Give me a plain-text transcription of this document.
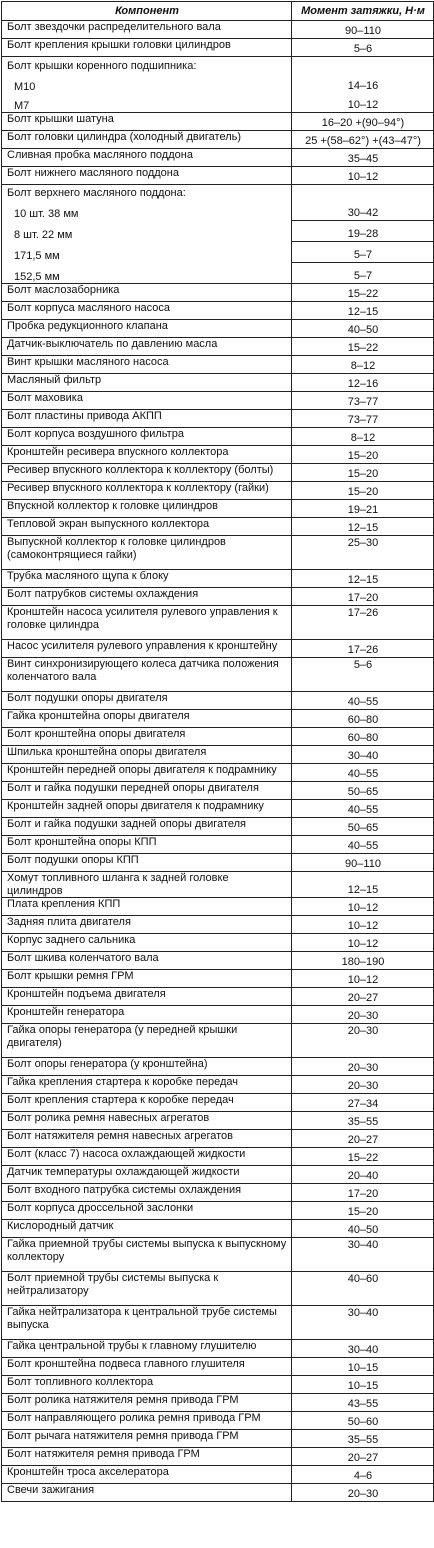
Компонент	Момент затяжки, Н·м
Болт звездочки распределительного вала	90–110
Болт крепления крышки головки цилиндров	5–6
Болт крышки коренного подшипника:	
M10	14–16
M7	10–12
Болт крышки шатуна	16–20 +(90–94°)
Болт головки цилиндра (холодный двигатель)	25 +(58–62°) +(43–47°)
Сливная пробка масляного поддона	35–45
Болт нижнего масляного поддона	10–12
Болт верхнего масляного поддона:	
10 шт. 38 мм	30–42
8 шт. 22 мм	19–28
171,5 мм	5–7
152,5 мм	5–7
Болт маслозаборника	15–22
Болт корпуса масляного насоса	12–15
Пробка редукционного клапана	40–50
Датчик-выключатель по давлению масла	15–22
Винт крышки масляного насоса	8–12
Масляный фильтр	12–16
Болт маховика	73–77
Болт пластины привода АКПП	73–77
Болт корпуса воздушного фильтра	8–12
Кронштейн ресивера впускного коллектора	15–20
Ресивер впускного коллектора к коллектору (болты)	15–20
Ресивер впускного коллектора к коллектору (гайки)	15–20
Впускной коллектор к головке цилиндров	19–21
Тепловой экран выпускного коллектора	12–15
Выпускной коллектор к головке цилиндров (самоконтрящиеся гайки)	25–30
Трубка масляного щупа к блоку	12–15
Болт патрубков системы охлаждения	17–20
Кронштейн насоса усилителя рулевого управления к головке цилиндра	17–26
Насос усилителя рулевого управления к кронштейну	17–26
Винт синхронизирующего колеса датчика положения коленчатого вала	5–6
Болт подушки опоры двигателя	40–55
Гайка кронштейна опоры двигателя	60–80
Болт кронштейна опоры двигателя	60–80
Шпилька кронштейна опоры двигателя	30–40
Кронштейн передней опоры двигателя к подрамнику	40–55
Болт и гайка подушки передней опоры двигателя	50–65
Кронштейн задней опоры двигателя к подрамнику	40–55
Болт и гайка подушки задней опоры двигателя	50–65
Болт кронштейна опоры КПП	40–55
Болт подушки опоры КПП	90–110
Хомут топливного шланга к задней головке цилиндров	12–15
Плата крепления КПП	10–12
Задняя плита двигателя	10–12
Корпус заднего сальника	10–12
Болт шкива коленчатого вала	180–190
Болт крышки ремня ГРМ	10–12
Кронштейн подъема двигателя	20–27
Кронштейн генератора	20–30
Гайка опоры генератора (у передней крышки двигателя)	20–30
Болт опоры генератора (у кронштейна)	20–30
Гайка крепления стартера к коробке передач	20–30
Болт крепления стартера к коробке передач	27–34
Болт ролика ремня навесных агрегатов	35–55
Болт натяжителя ремня навесных агрегатов	20–27
Болт (класс 7) насоса охлаждающей жидкости	15–22
Датчик температуры охлаждающей жидкости	20–40
Болт входного патрубка системы охлаждения	17–20
Болт корпуса дроссельной заслонки	15–20
Кислородный датчик	40–50
Гайка приемной трубы системы выпуска к выпускному коллектору	30–40
Болт приемной трубы системы выпуска к нейтрализатору	40–60
Гайка нейтрализатора к центральной трубе системы выпуска	30–40
Гайка центральной трубы к главному глушителю	30–40
Болт кронштейна подвеса главного глушителя	10–15
Болт топливного коллектора	10–15
Болт ролика натяжителя ремня привода ГРМ	43–55
Болт направляющего ролика ремня привода ГРМ	50–60
Болт рычага натяжителя ремня привода ГРМ	35–55
Болт натяжителя ремня привода ГРМ	20–27
Кронштейн троса акселератора	4–6
Свечи зажигания	20–30
